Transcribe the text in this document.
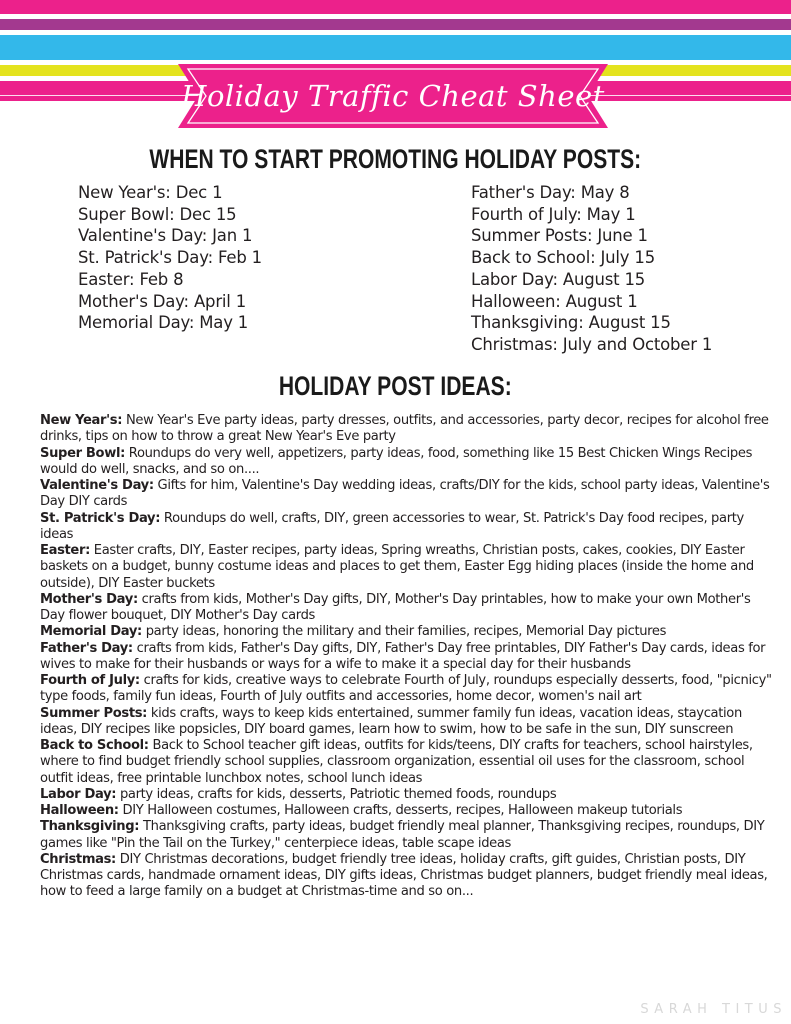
Holiday Traffic Cheat Sheet
WHEN TO START PROMOTING HOLIDAY POSTS:
New Year's: Dec 1
Super Bowl: Dec 15
Valentine's Day: Jan 1
St. Patrick's Day: Feb 1
Easter: Feb 8
Mother's Day: April 1
Memorial Day: May 1
Father's Day: May 8
Fourth of July: May 1
Summer Posts: June 1
Back to School: July 15
Labor Day: August 15
Halloween: August 1
Thanksgiving: August 15
Christmas: July and October 1
HOLIDAY POST IDEAS:
New Year's: New Year's Eve party ideas, party dresses, outfits, and accessories, party decor, recipes for alcohol free drinks, tips on how to throw a great New Year's Eve party
Super Bowl: Roundups do very well, appetizers, party ideas, food, something like 15 Best Chicken Wings Recipes would do well, snacks, and so on....
Valentine's Day: Gifts for him, Valentine's Day wedding ideas, crafts/DIY for the kids, school party ideas, Valentine's Day DIY cards
St. Patrick's Day: Roundups do well, crafts, DIY, green accessories to wear, St. Patrick's Day food recipes, party ideas
Easter: Easter crafts, DIY, Easter recipes, party ideas, Spring wreaths, Christian posts, cakes, cookies, DIY Easter baskets on a budget, bunny costume ideas and places to get them, Easter Egg hiding places (inside the home and outside), DIY Easter buckets
Mother's Day: crafts from kids, Mother's Day gifts, DIY, Mother's Day printables, how to make your own Mother's Day flower bouquet, DIY Mother's Day cards
Memorial Day: party ideas, honoring the military and their families, recipes, Memorial Day pictures
Father's Day: crafts from kids, Father's Day gifts, DIY, Father's Day free printables, DIY Father's Day cards, ideas for wives to make for their husbands or ways for a wife to make it a special day for their husbands
Fourth of July: crafts for kids, creative ways to celebrate Fourth of July, roundups especially desserts, food, "picnicy" type foods, family fun ideas, Fourth of July outfits and accessories, home decor, women's nail art
Summer Posts: kids crafts, ways to keep kids entertained, summer family fun ideas, vacation ideas, staycation ideas, DIY recipes like popsicles, DIY board games, learn how to swim, how to be safe in the sun, DIY sunscreen
Back to School: Back to School teacher gift ideas, outfits for kids/teens, DIY crafts for teachers, school hairstyles, where to find budget friendly school supplies, classroom organization, essential oil uses for the classroom, school outfit ideas, free printable lunchbox notes, school lunch ideas
Labor Day: party ideas, crafts for kids, desserts, Patriotic themed foods, roundups
Halloween: DIY Halloween costumes, Halloween crafts, desserts, recipes, Halloween makeup tutorials
Thanksgiving: Thanksgiving crafts, party ideas, budget friendly meal planner, Thanksgiving recipes, roundups, DIY games like "Pin the Tail on the Turkey," centerpiece ideas, table scape ideas
Christmas: DIY Christmas decorations, budget friendly tree ideas, holiday crafts, gift guides, Christian posts, DIY Christmas cards, handmade ornament ideas, DIY gifts ideas, Christmas budget planners, budget friendly meal ideas, how to feed a large family on a budget at Christmas-time and so on...
SARAH TITUS
